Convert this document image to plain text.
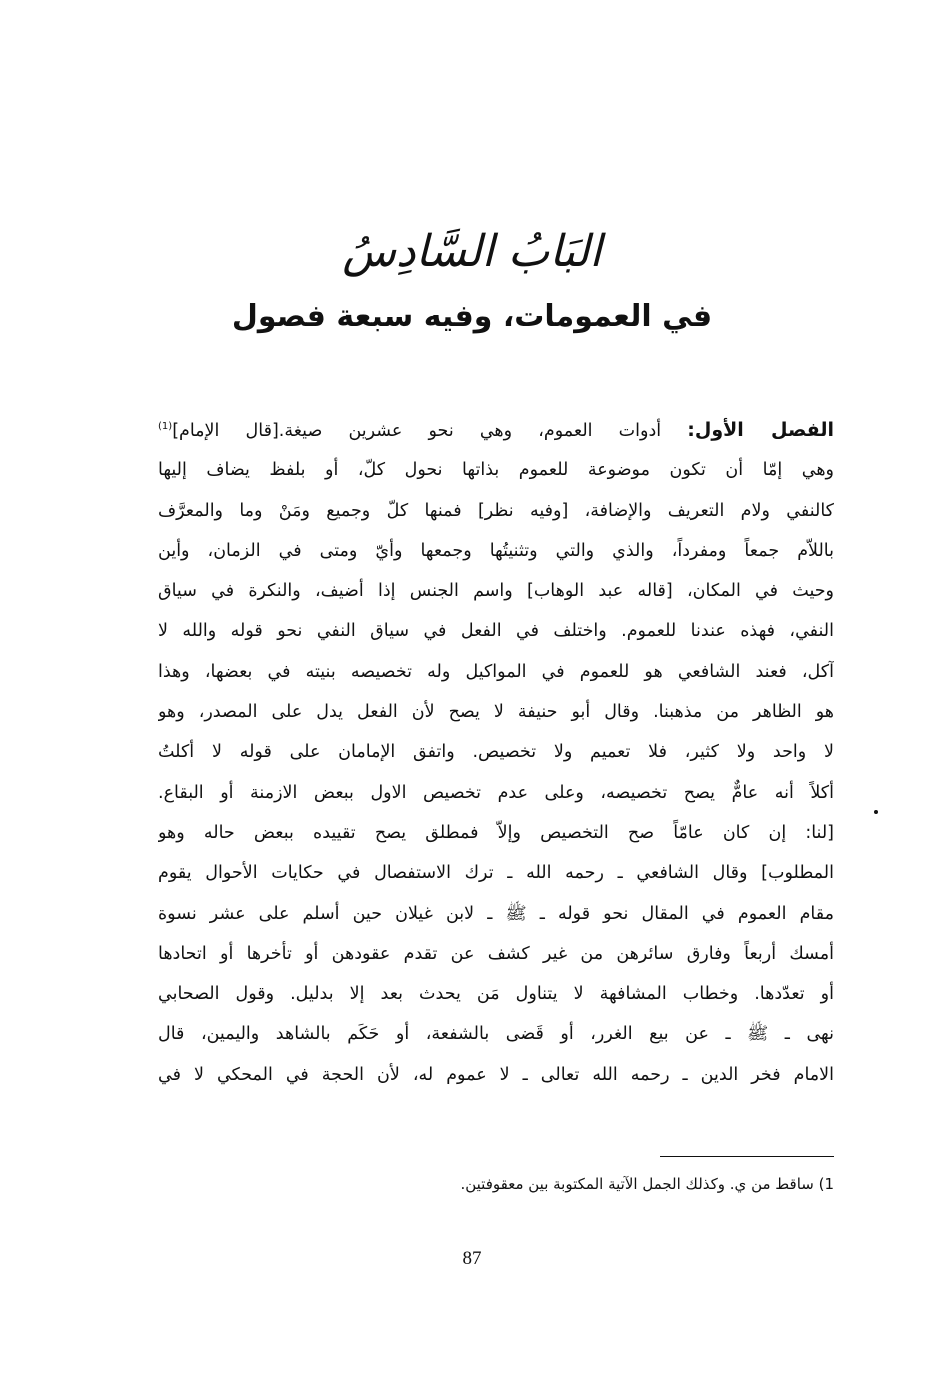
البَابُ السَّادِسُ
في العمومات، وفيه سبعة فصول
الفصل الأول: أدوات العموم، وهي نحو عشرين صيغة.[قال الإمام]$^{(1)}$
وهي إمّا أن تكون موضوعة للعموم بذاتها نحول كلّ، أو بلفظ يضاف إليها
كالنفي ولام التعريف والإضافة، [وفيه نظر] فمنها كلّ وجميع ومَنْ وما والمعرَّف
باللاّم جمعاً ومفرداً، والذي والتي وتثنيتُها وجمعها وأيّ ومتى في الزمان، وأين
وحيث في المكان، [قاله عبد الوهاب] واسم الجنس إذا أضيف، والنكرة في سياق
النفي، فهذه عندنا للعموم. واختلف في الفعل في سياق النفي نحو قوله والله لا
آكل، فعند الشافعي هو للعموم في المواكيل وله تخصيصه بنيته في بعضها، وهذا
هو الظاهر من مذهبنا. وقال أبو حنيفة لا يصح لأن الفعل يدل على المصدر، وهو
لا واحد ولا كثير، فلا تعميم ولا تخصيص. واتفق الإمامان على قوله لا أكلتُ
أكلاً أنه عامٌّ يصح تخصيصه، وعلى عدم تخصيص الاول ببعض الازمنة أو البقاع.
[لنا: إن كان عامّاً صح التخصيص وإلاّ فمطلق يصح تقييده ببعض حاله وهو
المطلوب] وقال الشافعي ـ رحمه الله ـ ترك الاستفصال في حكايات الأحوال يقوم
مقام العموم في المقال نحو قوله ـ ﷺ ـ لابن غيلان حين أسلم على عشر نسوة
أمسك أربعاً وفارق سائرهن من غير كشف عن تقدم عقودهن أو تأخرها أو اتحادها
أو تعدّدها. وخطاب المشافهة لا يتناول مَن يحدث بعد إلا بدليل. وقول الصحابي
نهى ـ ﷺ ـ عن بيع الغرر، أو قَضى بالشفعة، أو حَكَم بالشاهد واليمين، قال
الامام فخر الدين ـ رحمه الله تعالى ـ لا عموم له، لأن الحجة في المحكي لا في
1) ساقط من ي. وكذلك الجمل الآتية المكتوبة بين معقوفتين.
87
